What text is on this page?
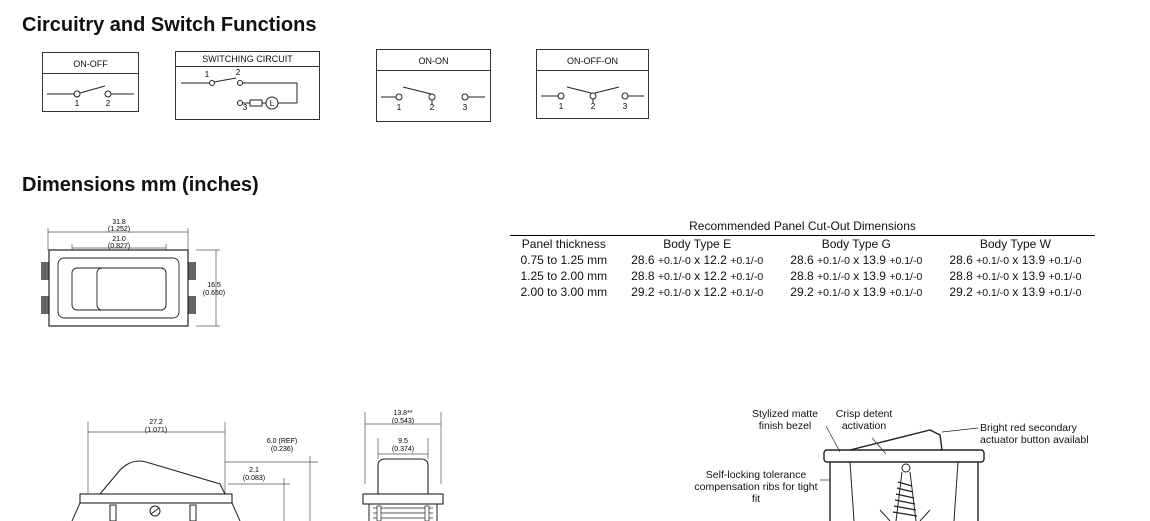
Circuitry and Switch Functions
Dimensions mm (inches)
ON-OFF
1	2
SWITCHING CIRCUIT
1	2
3	L
ON-ON
1	2	3
ON-OFF-ON
1	2	3
31.8
(1.252)
21.0
(0.827)
16.5
(0.650)
Recommended Panel Cut-Out Dimensions
Panel thickness	Body Type E	Body Type G	Body Type W
0.75 to 1.25 mm	28.6 +0.1/-0 x 12.2 +0.1/-0	28.6 +0.1/-0 x 13.9 +0.1/-0	28.6 +0.1/-0 x 13.9 +0.1/-0
1.25 to 2.00 mm	28.8 +0.1/-0 x 12.2 +0.1/-0	28.8 +0.1/-0 x 13.9 +0.1/-0	28.8 +0.1/-0 x 13.9 +0.1/-0
2.00 to 3.00 mm	29.2 +0.1/-0 x 12.2 +0.1/-0	29.2 +0.1/-0 x 13.9 +0.1/-0	29.2 +0.1/-0 x 13.9 +0.1/-0
27.2
(1.071)
6.0 (REF)
(0.236)
2.1
(0.083)
13.8**
(0.543)
9.5
(0.374)
Stylized matte finish bezel
Crisp detent activation	Bright red secondary actuator button availabl
Self-locking tolerance compensation ribs for tight fit
